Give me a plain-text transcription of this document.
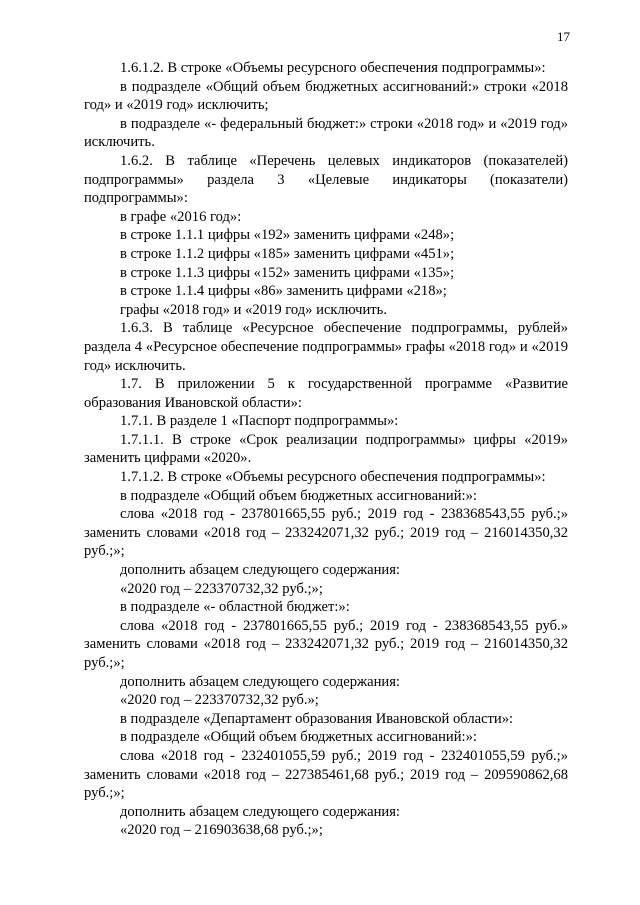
17

1.6.1.2. В строке «Объемы ресурсного обеспечения подпрограммы»:

в подразделе «Общий объем бюджетных ассигнований:» строки «2018 год» и «2019 год» исключить;

в подразделе «- федеральный бюджет:» строки «2018 год» и «2019 год» исключить.

1.6.2. В таблице «Перечень целевых индикаторов (показателей) подпрограммы» раздела 3 «Целевые индикаторы (показатели) подпрограммы»:

в графе «2016 год»:

в строке 1.1.1 цифры «192» заменить цифрами «248»;

в строке 1.1.2 цифры «185» заменить цифрами «451»;

в строке 1.1.3 цифры «152» заменить цифрами «135»;

в строке 1.1.4 цифры «86» заменить цифрами «218»;

графы «2018 год» и «2019 год» исключить.

1.6.3. В таблице «Ресурсное обеспечение подпрограммы, рублей» раздела 4 «Ресурсное обеспечение подпрограммы» графы «2018 год» и «2019 год» исключить.

1.7. В приложении 5 к государственной программе «Развитие образования Ивановской области»:

1.7.1. В разделе 1 «Паспорт подпрограммы»:

1.7.1.1. В строке «Срок реализации подпрограммы» цифры «2019» заменить цифрами «2020».

1.7.1.2. В строке «Объемы ресурсного обеспечения подпрограммы»:

в подразделе «Общий объем бюджетных ассигнований:»:

слова «2018 год - 237801665,55 руб.; 2019 год - 238368543,55 руб.;» заменить словами «2018 год – 233242071,32 руб.; 2019 год – 216014350,32 руб.;»;

дополнить абзацем следующего содержания:

«2020 год – 223370732,32 руб.;»;

в подразделе «- областной бюджет:»:

слова «2018 год - 237801665,55 руб.; 2019 год - 238368543,55 руб.» заменить словами «2018 год – 233242071,32 руб.; 2019 год – 216014350,32 руб.;»;

дополнить абзацем следующего содержания:

«2020 год – 223370732,32 руб.»;

в подразделе «Департамент образования Ивановской области»:

в подразделе «Общий объем бюджетных ассигнований:»:

слова «2018 год - 232401055,59 руб.; 2019 год - 232401055,59 руб.;» заменить словами «2018 год – 227385461,68 руб.; 2019 год – 209590862,68 руб.;»;

дополнить абзацем следующего содержания:

«2020 год – 216903638,68 руб.;»;
